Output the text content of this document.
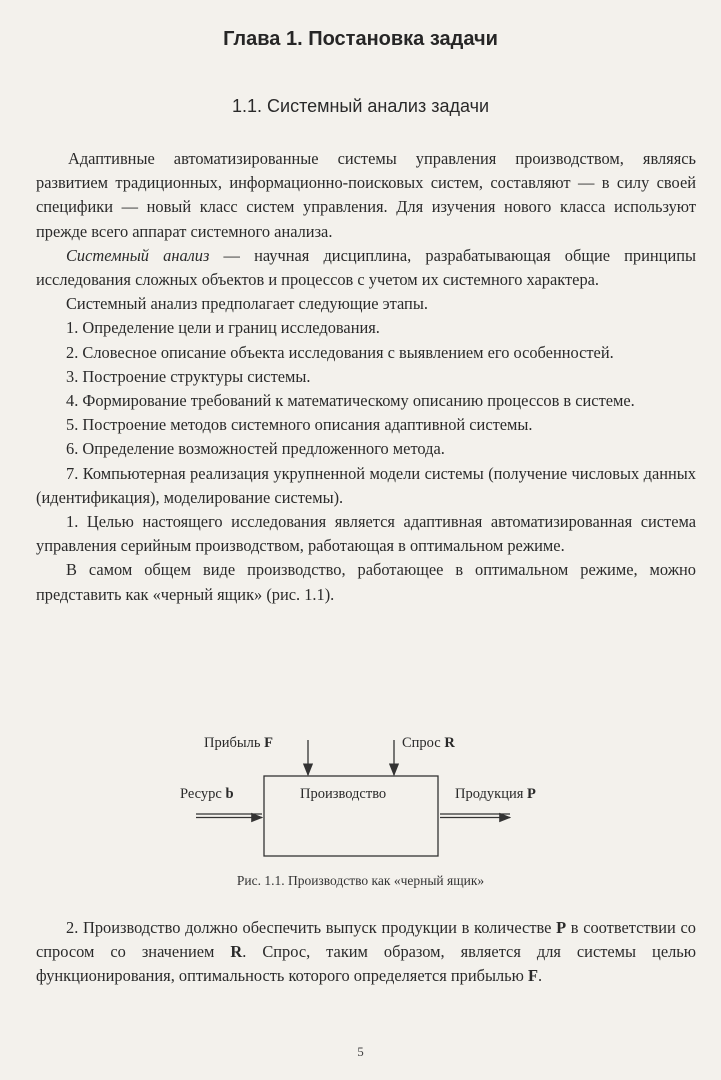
Глава 1. Постановка задачи
1.1. Системный анализ задачи

Адаптивные автоматизированные системы управления производством, являясь развитием традиционных, информационно-поисковых систем, составляют — в силу своей специфики — новый класс систем управления. Для изучения нового класса используют прежде всего аппарат системного анализа.

Системный анализ — научная дисциплина, разрабатывающая общие принципы исследования сложных объектов и процессов с учетом их системного характера.

Системный анализ предполагает следующие этапы.

1. Определение цели и границ исследования.

2. Словесное описание объекта исследования с выявлением его особенностей.

3. Построение структуры системы.

4. Формирование требований к математическому описанию процессов в системе.

5. Построение методов системного описания адаптивной системы.

6. Определение возможностей предложенного метода.

7. Компьютерная реализация укрупненной модели системы (получение числовых данных (идентификация), моделирование системы).

1. Целью настоящего исследования является адаптивная автоматизированная система управления серийным производством, работающая в оптимальном режиме.

В самом общем виде производство, работающее в оптимальном режиме, можно представить как «черный ящик» (рис. 1.1).

Прибыль F	Спрос R
Ресурс b	Производство	Продукция P
Рис. 1.1. Производство как «черный ящик»

2. Производство должно обеспечить выпуск продукции в количестве P в соответствии со спросом со значением R. Спрос, таким образом, является для системы целью функционирования, оптимальность которого определяется прибылью F.

5
